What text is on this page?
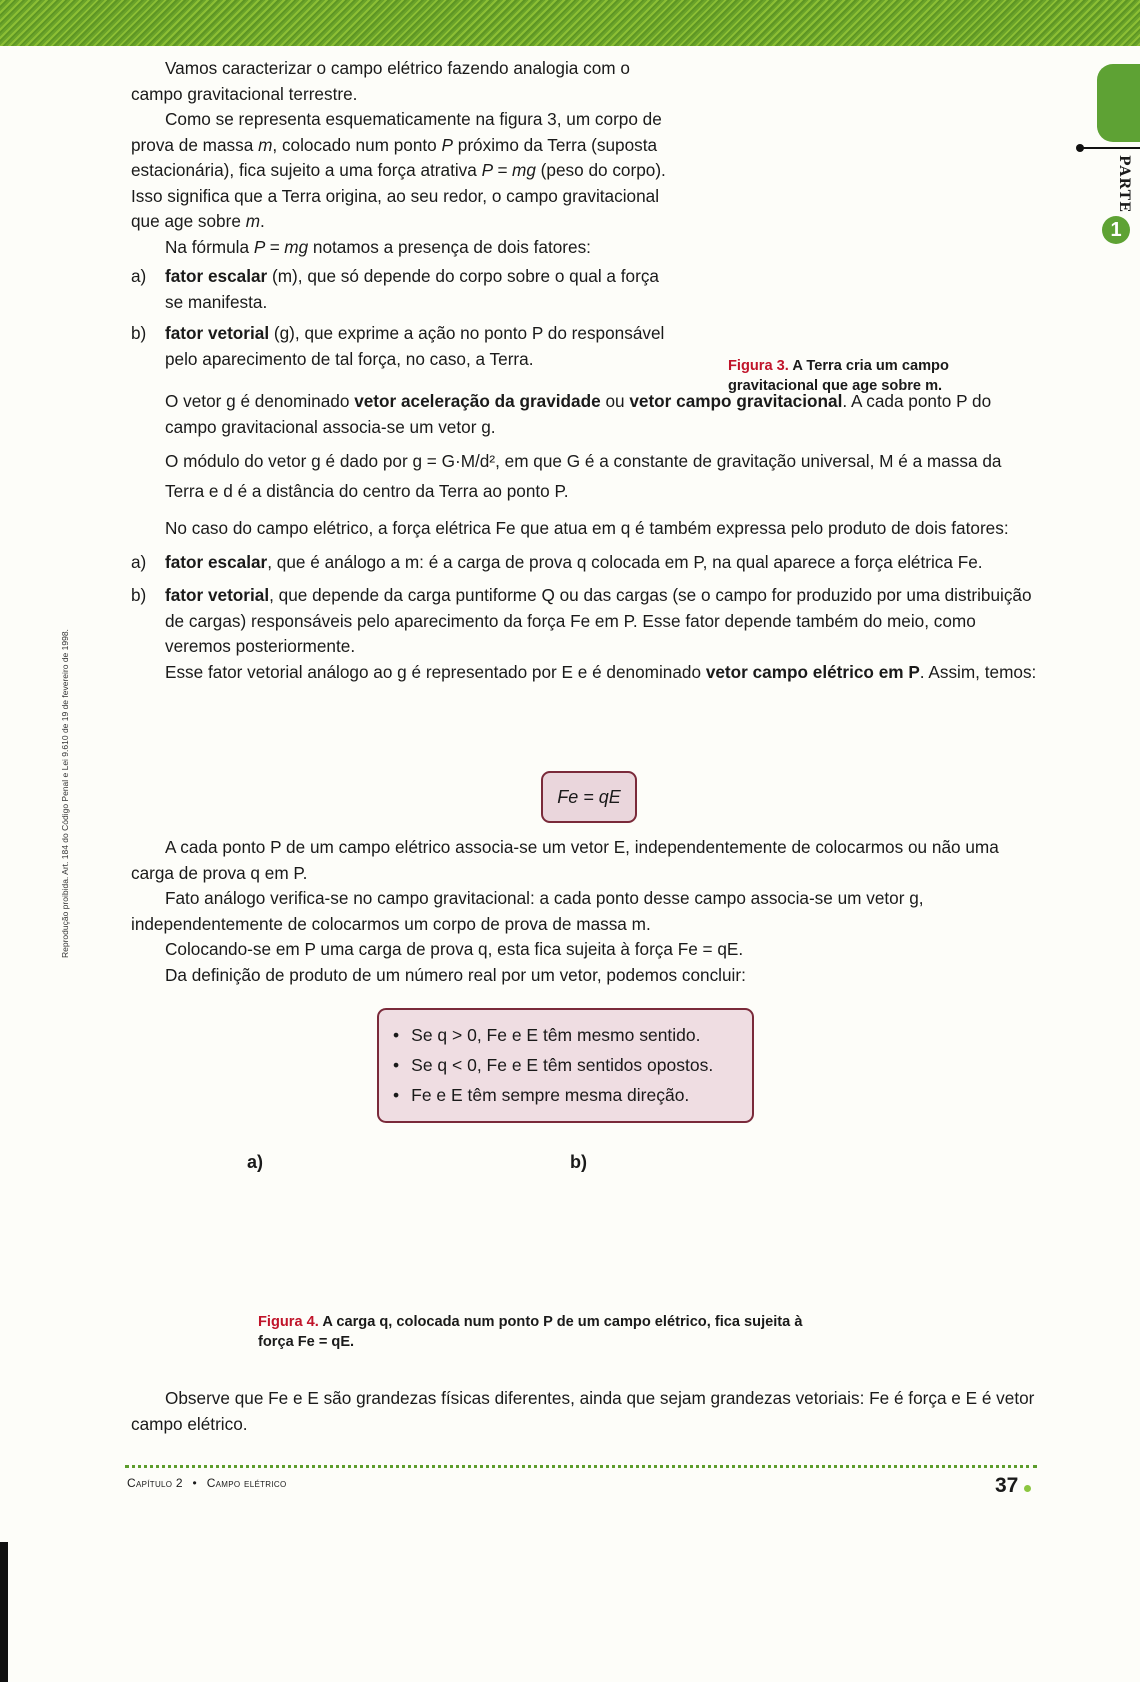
PARTE
1
Reprodução proibida. Art. 184 do Código Penal e Lei 9.610 de 19 de fevereiro de 1998.

Vamos caracterizar o campo elétrico fazendo analogia com o campo gravitacional terrestre.

Como se representa esquematicamente na figura 3, um corpo de prova de massa m, colocado num ponto P próximo da Terra (suposta estacionária), fica sujeito a uma força atrativa P = mg (peso do corpo). Isso significa que a Terra origina, ao seu redor, o campo gravitacional que age sobre m.

Na fórmula P = mg notamos a presença de dois fatores:

a)	fator escalar (m), que só depende do corpo sobre o qual a força se manifesta.
b)	fator vetorial (g), que exprime a ação no ponto P do responsável pelo aparecimento de tal força, no caso, a Terra.

O vetor g é denominado vetor aceleração da gravidade ou vetor campo gravitacional. A cada ponto P do campo gravitacional associa-se um vetor g.

O módulo do vetor g é dado por g = G·M/d², em que G é a constante de gravitação universal, M é a massa da Terra e d é a distância do centro da Terra ao ponto P.

No caso do campo elétrico, a força elétrica Fe que atua em q é também expressa pelo produto de dois fatores:

a)	fator escalar, que é análogo a m: é a carga de prova q colocada em P, na qual aparece a força elétrica Fe.
b)	fator vetorial, que depende da carga puntiforme Q ou das cargas (se o campo for produzido por uma distribuição de cargas) responsáveis pelo aparecimento da força Fe em P. Esse fator depende também do meio, como veremos posteriormente.

Esse fator vetorial análogo ao g é representado por E e é denominado vetor campo elétrico em P. Assim, temos:

Fe = qE

A cada ponto P de um campo elétrico associa-se um vetor E, independentemente de colocarmos ou não uma carga de prova q em P.

Fato análogo verifica-se no campo gravitacional: a cada ponto desse campo associa-se um vetor g, independentemente de colocarmos um corpo de prova de massa m.

Colocando-se em P uma carga de prova q, esta fica sujeita à força Fe = qE.

Da definição de produto de um número real por um vetor, podemos concluir:

• Se q > 0, Fe e E têm mesmo sentido.
• Se q < 0, Fe e E têm sentidos opostos.
• Fe e E têm sempre mesma direção.
P m
g
P
d
Terra
Figura 3. A Terra cria um campo gravitacional que age sobre m.
a)	b)
P
q > 0
Fe E
P
q < 0
Fe
E
Figura 4. A carga q, colocada num ponto P de um campo elétrico, fica sujeita à força Fe = qE.

Observe que Fe e E são grandezas físicas diferentes, ainda que sejam grandezas vetoriais: Fe é força e E é vetor campo elétrico.

Capítulo 2 • Campo elétrico	37
